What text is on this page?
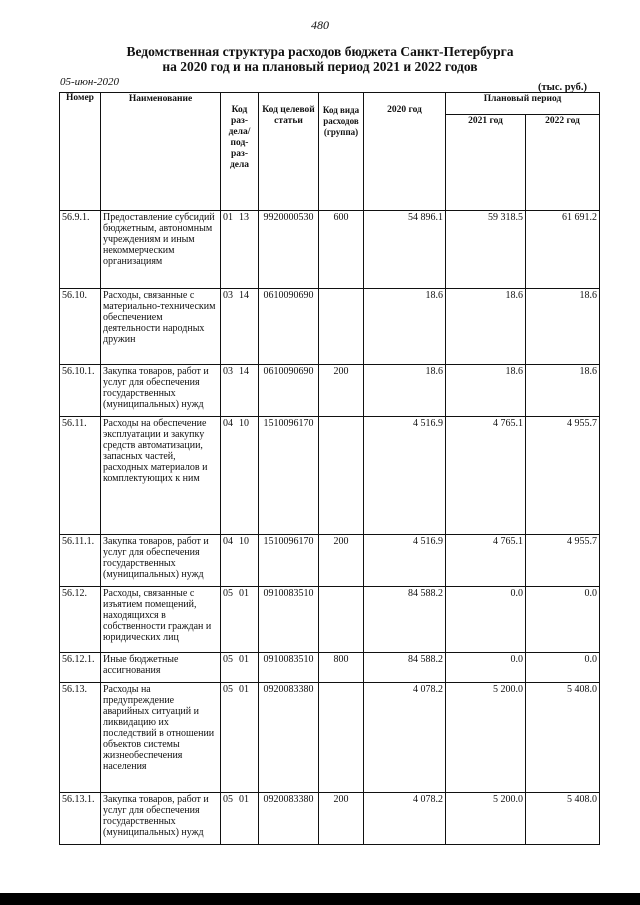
480
Ведомственная структура расходов бюджета Санкт-Петербурга
на 2020 год и на плановый период 2021 и 2022 годов
05-июн-2020	(тыс. руб.)
Номер	Наименование	Код раз- дела/ под- раз- дела	Код целевой статьи	Код вида расходов (группа)	2020 год	Плановый период	
						2021 год	2022 год
56.9.1.	Предоставление субсидий бюджетным, автономным учреждениям и иным некоммерческим организациям	01 13	9920000530	600	54 896.1	59 318.5	61 691.2
56.10.	Расходы, связанные с материально-техническим обеспечением деятельности народных дружин	03 14	0610090690		18.6	18.6	18.6
56.10.1.	Закупка товаров, работ и услуг для обеспечения государственных (муниципальных) нужд	03 14	0610090690	200	18.6	18.6	18.6
56.11.	Расходы на обеспечение эксплуатации и закупку средств автоматизации, запасных частей, расходных материалов и комплектующих к ним	04 10	1510096170		4 516.9	4 765.1	4 955.7
56.11.1.	Закупка товаров, работ и услуг для обеспечения государственных (муниципальных) нужд	04 10	1510096170	200	4 516.9	4 765.1	4 955.7
56.12.	Расходы, связанные с изъятием помещений, находящихся в собственности граждан и юридических лиц	05 01	0910083510		84 588.2	0.0	0.0
56.12.1.	Иные бюджетные ассигнования	05 01	0910083510	800	84 588.2	0.0	0.0
56.13.	Расходы на предупреждение аварийных ситуаций и ликвидацию их последствий в отношении объектов системы жизнеобеспечения населения	05 01	0920083380		4 078.2	5 200.0	5 408.0
56.13.1.	Закупка товаров, работ и услуг для обеспечения государственных (муниципальных) нужд	05 01	0920083380	200	4 078.2	5 200.0	5 408.0
